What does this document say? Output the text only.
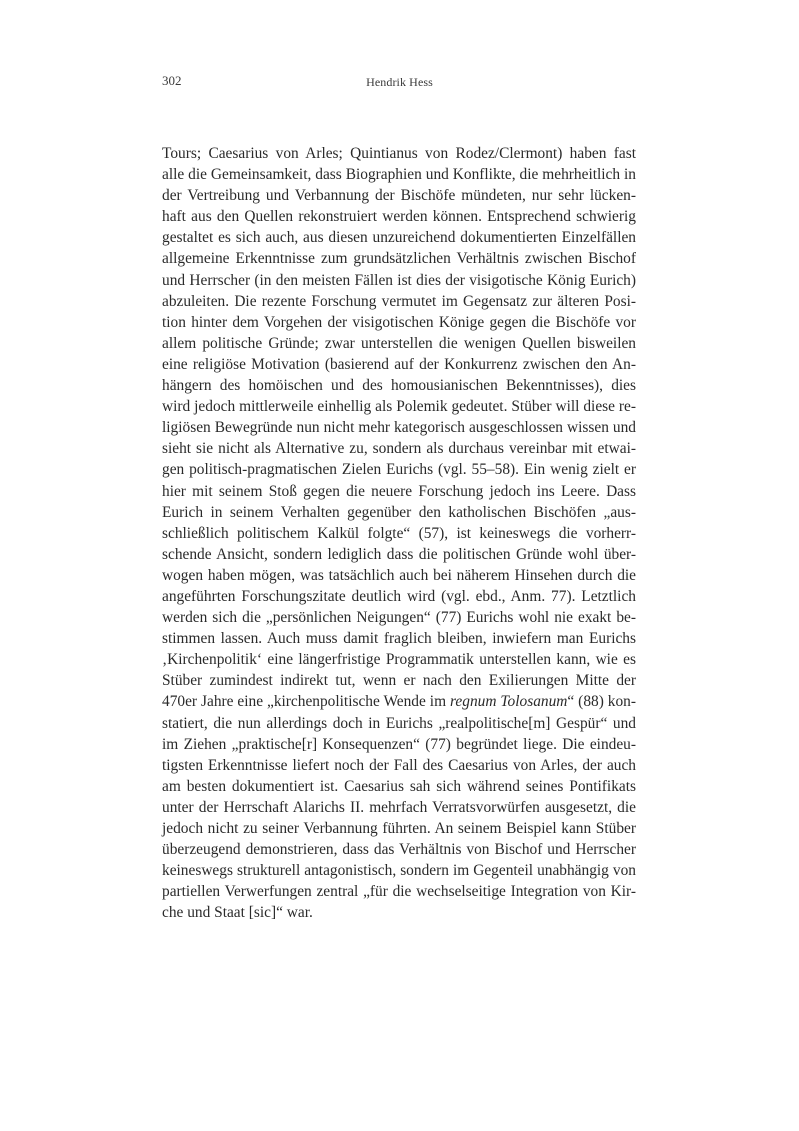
302	Hendrik Hess
Tours; Caesarius von Arles; Quintianus von Rodez/Clermont) haben fast
alle die Gemeinsamkeit, dass Biographien und Konflikte, die mehrheitlich in
der Vertreibung und Verbannung der Bischöfe mündeten, nur sehr lücken-
haft aus den Quellen rekonstruiert werden können. Entsprechend schwierig
gestaltet es sich auch, aus diesen unzureichend dokumentierten Einzelfällen
allgemeine Erkenntnisse zum grundsätzlichen Verhältnis zwischen Bischof
und Herrscher (in den meisten Fällen ist dies der visigotische König Eurich)
abzuleiten. Die rezente Forschung vermutet im Gegensatz zur älteren Posi-
tion hinter dem Vorgehen der visigotischen Könige gegen die Bischöfe vor
allem politische Gründe; zwar unterstellen die wenigen Quellen bisweilen
eine religiöse Motivation (basierend auf der Konkurrenz zwischen den An-
hängern des homöischen und des homousianischen Bekenntnisses), dies
wird jedoch mittlerweile einhellig als Polemik gedeutet. Stüber will diese re-
ligiösen Bewegründe nun nicht mehr kategorisch ausgeschlossen wissen und
sieht sie nicht als Alternative zu, sondern als durchaus vereinbar mit etwai-
gen politisch-pragmatischen Zielen Eurichs (vgl. 55–58). Ein wenig zielt er
hier mit seinem Stoß gegen die neuere Forschung jedoch ins Leere. Dass
Eurich in seinem Verhalten gegenüber den katholischen Bischöfen „aus-
schließlich politischem Kalkül folgte“ (57), ist keineswegs die vorherr-
schende Ansicht, sondern lediglich dass die politischen Gründe wohl über-
wogen haben mögen, was tatsächlich auch bei näherem Hinsehen durch die
angeführten Forschungszitate deutlich wird (vgl. ebd., Anm. 77). Letztlich
werden sich die „persönlichen Neigungen“ (77) Eurichs wohl nie exakt be-
stimmen lassen. Auch muss damit fraglich bleiben, inwiefern man Eurichs
‚Kirchenpolitik‘ eine längerfristige Programmatik unterstellen kann, wie es
Stüber zumindest indirekt tut, wenn er nach den Exilierungen Mitte der
470er Jahre eine „kirchenpolitische Wende im regnum Tolosanum“ (88) kon-
statiert, die nun allerdings doch in Eurichs „realpolitische[m] Gespür“ und
im Ziehen „praktische[r] Konsequenzen“ (77) begründet liege. Die eindeu-
tigsten Erkenntnisse liefert noch der Fall des Caesarius von Arles, der auch
am besten dokumentiert ist. Caesarius sah sich während seines Pontifikats
unter der Herrschaft Alarichs II. mehrfach Verratsvorwürfen ausgesetzt, die
jedoch nicht zu seiner Verbannung führten. An seinem Beispiel kann Stüber
überzeugend demonstrieren, dass das Verhältnis von Bischof und Herrscher
keineswegs strukturell antagonistisch, sondern im Gegenteil unabhängig von
partiellen Verwerfungen zentral „für die wechselseitige Integration von Kir-
che und Staat [sic]“ war.
